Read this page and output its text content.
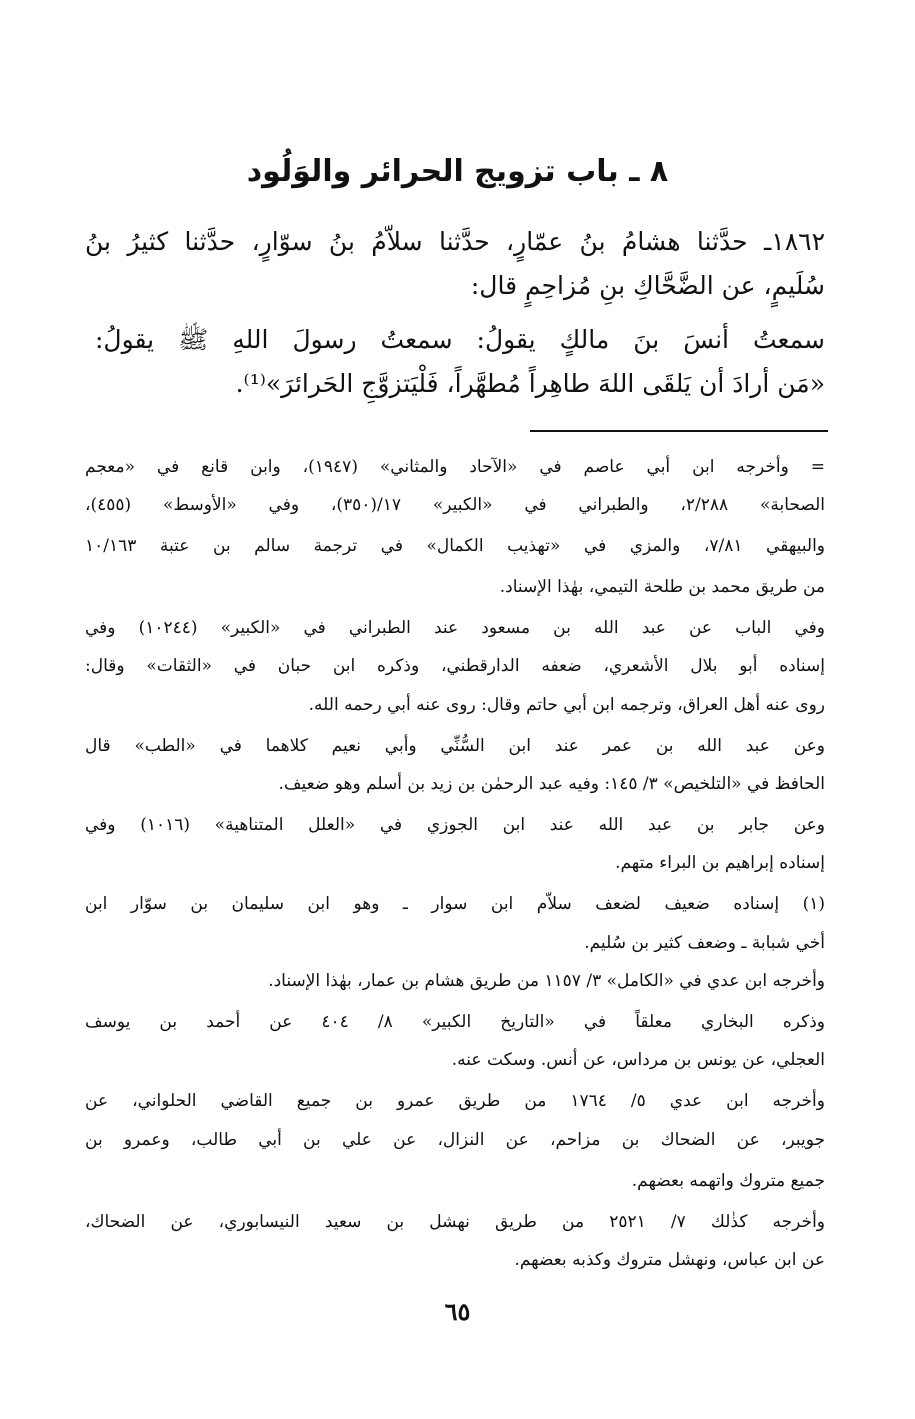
٨ ـ باب تزويج الحرائر والوَلُود
١٨٦٢ـ حدَّثنا هشامُ بنُ عمّارٍ، حدَّثنا سلاّمُ بنُ سوّارٍ، حدَّثنا كثيرُ بنُ
سُلَيمٍ، عن الضَّحَّاكِ بنِ مُزاحِمٍ قال:
سمعتُ أنسَ بنَ مالكٍ يقولُ: سمعتُ رسولَ اللهِ ﷺ يقولُ:
«مَن أرادَ أن يَلقَى اللهَ طاهِراً مُطهَّراً، فَلْيَتزوَّجِ الحَرائرَ»⁽¹⁾.
= وأخرجه ابن أبي عاصم في «الآحاد والمثاني» (١٩٤٧)، وابن قانع في «معجم
الصحابة» ٢/٢٨٨، والطبراني في «الكبير» ١٧/(٣٥٠)، وفي «الأوسط» (٤٥٥)،
والبيهقي ٧/٨١، والمزي في «تهذيب الكمال» في ترجمة سالم بن عتبة ١٠/١٦٣
من طريق محمد بن طلحة التيمي، بهٰذا الإسناد.
وفي الباب عن عبد الله بن مسعود عند الطبراني في «الكبير» (١٠٢٤٤) وفي
إسناده أبو بلال الأشعري، ضعفه الدارقطني، وذكره ابن حبان في «الثقات» وقال:
روى عنه أهل العراق، وترجمه ابن أبي حاتم وقال: روى عنه أبي رحمه الله.
وعن عبد الله بن عمر عند ابن السُّنِّي وأبي نعيم كلاهما في «الطب» قال
الحافظ في «التلخيص» ٣/ ١٤٥: وفيه عبد الرحمٰن بن زيد بن أسلم وهو ضعيف.
وعن جابر بن عبد الله عند ابن الجوزي في «العلل المتناهية» (١٠١٦) وفي
إسناده إبراهيم بن البراء متهم.
(١) إسناده ضعيف لضعف سلاّم ابن سوار ـ وهو ابن سليمان بن سوّار ابن
أخي شبابة ـ وضعف كثير بن سُليم.
وأخرجه ابن عدي في «الكامل» ٣/ ١١٥٧ من طريق هشام بن عمار، بهٰذا الإسناد.
وذكره البخاري معلقاً في «التاريخ الكبير» ٨/ ٤٠٤ عن أحمد بن يوسف
العجلي، عن يونس بن مرداس، عن أنس. وسكت عنه.
وأخرجه ابن عدي ٥/ ١٧٦٤ من طريق عمرو بن جميع القاضي الحلواني، عن
جويبر، عن الضحاك بن مزاحم، عن النزال، عن علي بن أبي طالب، وعمرو بن
جميع متروك واتهمه بعضهم.
وأخرجه كذٰلك ٧/ ٢٥٢١ من طريق نهشل بن سعيد النيسابوري، عن الضحاك،
عن ابن عباس، ونهشل متروك وكذبه بعضهم.
٦٥
